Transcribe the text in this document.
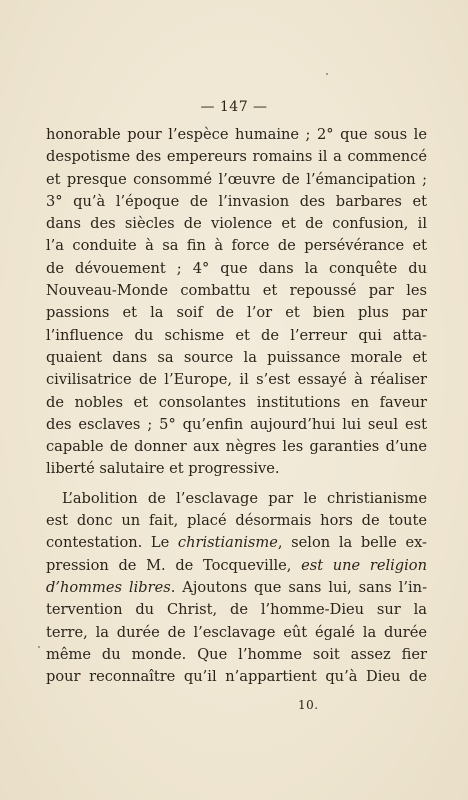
— 147 —
honorable pour l’espèce humaine ; 2° que sous le
despotisme des empereurs romains il a commencé
et presque consommé l’œuvre de l’émancipation ;
3° qu’à l’époque de l’invasion des barbares et
dans des siècles de violence et de confusion, il
l’a conduite à sa fin à force de persévérance et
de dévouement ; 4° que dans la conquête du
Nouveau-Monde combattu et repoussé par les
passions et la soif de l’or et bien plus par
l’influence du schisme et de l’erreur qui atta-
quaient dans sa source la puissance morale et
civilisatrice de l’Europe, il s’est essayé à réaliser
de nobles et consolantes institutions en faveur
des esclaves ; 5° qu’enfin aujourd’hui lui seul est
capable de donner aux nègres les garanties d’une
liberté salutaire et progressive.
L’abolition de l’esclavage par le christianisme
est donc un fait, placé désormais hors de toute
contestation. Le christianisme, selon la belle ex-
pression de M. de Tocqueville, est une religion
d’hommes libres. Ajoutons que sans lui, sans l’in-
tervention du Christ, de l’homme-Dieu sur la
terre, la durée de l’esclavage eût égalé la durée
même du monde. Que l’homme soit assez fier
pour reconnaître qu’il n’appartient qu’à Dieu de
10.
